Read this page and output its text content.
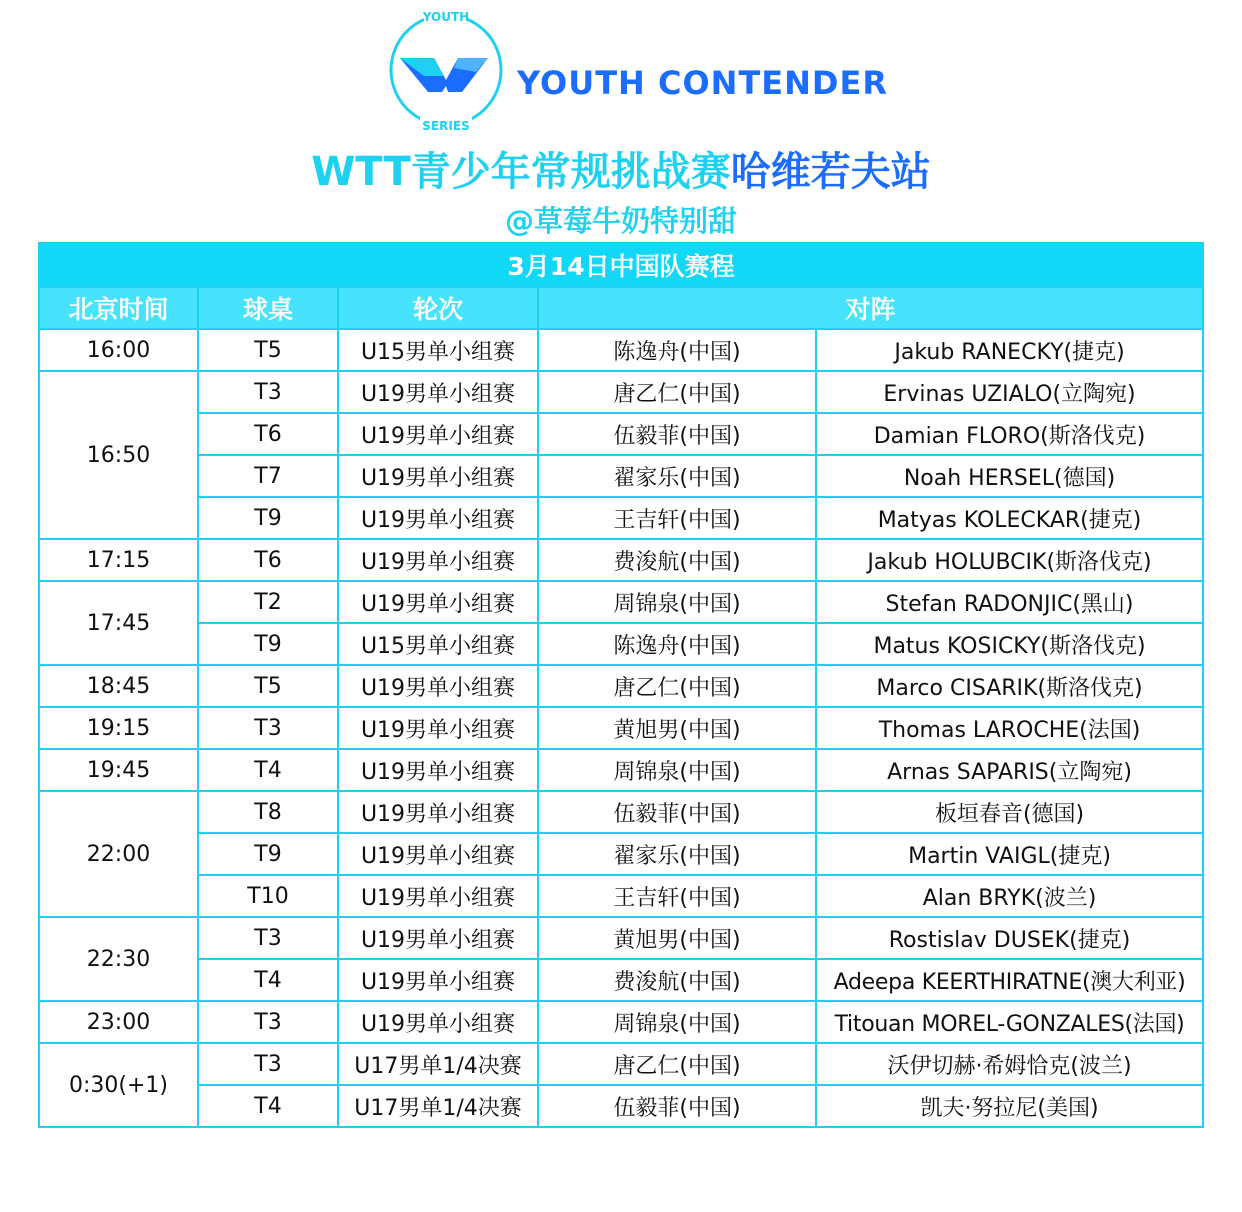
YOUTH
SERIES
YOUTH CONTENDER
WTT青少年常规挑战赛哈维若夫站
@草莓牛奶特别甜
3月14日中国队赛程				
北京时间	球桌	轮次	对阵	
16:00	T5	U15男单小组赛	陈逸舟(中国)	Jakub RANECKY(捷克)
16:50	T3	U19男单小组赛	唐乙仁(中国)	Ervinas UZIALO(立陶宛)
	T6	U19男单小组赛	伍毅菲(中国)	Damian FLORO(斯洛伐克)
	T7	U19男单小组赛	翟家乐(中国)	Noah HERSEL(德国)
	T9	U19男单小组赛	王吉轩(中国)	Matyas KOLECKAR(捷克)
17:15	T6	U19男单小组赛	费浚航(中国)	Jakub HOLUBCIK(斯洛伐克)
17:45	T2	U19男单小组赛	周锦泉(中国)	Stefan RADONJIC(黑山)
	T9	U15男单小组赛	陈逸舟(中国)	Matus KOSICKY(斯洛伐克)
18:45	T5	U19男单小组赛	唐乙仁(中国)	Marco CISARIK(斯洛伐克)
19:15	T3	U19男单小组赛	黄旭男(中国)	Thomas LAROCHE(法国)
19:45	T4	U19男单小组赛	周锦泉(中国)	Arnas SAPARIS(立陶宛)
22:00	T8	U19男单小组赛	伍毅菲(中国)	板垣春音(德国)
	T9	U19男单小组赛	翟家乐(中国)	Martin VAIGL(捷克)
	T10	U19男单小组赛	王吉轩(中国)	Alan BRYK(波兰)
22:30	T3	U19男单小组赛	黄旭男(中国)	Rostislav DUSEK(捷克)
	T4	U19男单小组赛	费浚航(中国)	Adeepa KEERTHIRATNE(澳大利亚)
23:00	T3	U19男单小组赛	周锦泉(中国)	Titouan MOREL-GONZALES(法国)
0:30(+1)	T3	U17男单1/4决赛	唐乙仁(中国)	沃伊切赫·希姆恰克(波兰)
	T4	U17男单1/4决赛	伍毅菲(中国)	凯夫·努拉尼(美国)
